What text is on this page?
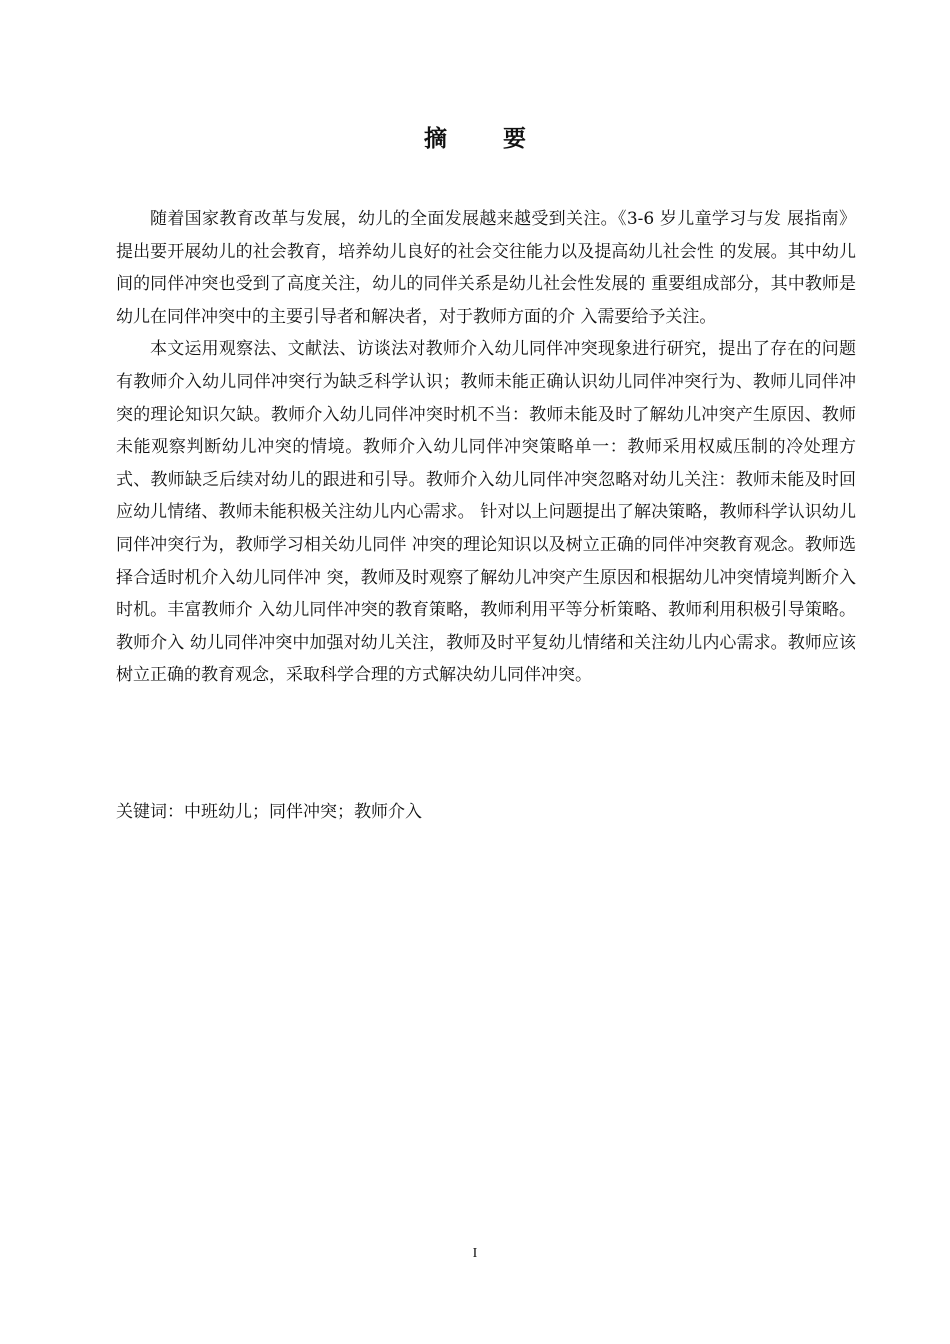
摘 要

随着国家教育改革与发展，幼儿的全面发展越来越受到关注。《3-6 岁儿童学习与发 展指南》提出要开展幼儿的社会教育，培养幼儿良好的社会交往能力以及提高幼儿社会性 的发展。其中幼儿间的同伴冲突也受到了高度关注，幼儿的同伴关系是幼儿社会性发展的 重要组成部分，其中教师是幼儿在同伴冲突中的主要引导者和解决者，对于教师方面的介 入需要给予关注。

本文运用观察法、文献法、访谈法对教师介入幼儿同伴冲突现象进行研究，提出了存在的问题有教师介入幼儿同伴冲突行为缺乏科学认识；教师未能正确认识幼儿同伴冲突行为、教师儿同伴冲突的理论知识欠缺。教师介入幼儿同伴冲突时机不当：教师未能及时了解幼儿冲突产生原因、教师未能观察判断幼儿冲突的情境。教师介入幼儿同伴冲突策略单一：教师采用权威压制的冷处理方式、教师缺乏后续对幼儿的跟进和引导。教师介入幼儿同伴冲突忽略对幼儿关注：教师未能及时回应幼儿情绪、教师未能积极关注幼儿内心需求。 针对以上问题提出了解决策略，教师科学认识幼儿同伴冲突行为，教师学习相关幼儿同伴 冲突的理论知识以及树立正确的同伴冲突教育观念。教师选择合适时机介入幼儿同伴冲 突，教师及时观察了解幼儿冲突产生原因和根据幼儿冲突情境判断介入时机。丰富教师介 入幼儿同伴冲突的教育策略，教师利用平等分析策略、教师利用积极引导策略。教师介入 幼儿同伴冲突中加强对幼儿关注，教师及时平复幼儿情绪和关注幼儿内心需求。教师应该 树立正确的教育观念，采取科学合理的方式解决幼儿同伴冲突。

关键词：中班幼儿；同伴冲突；教师介入
I
